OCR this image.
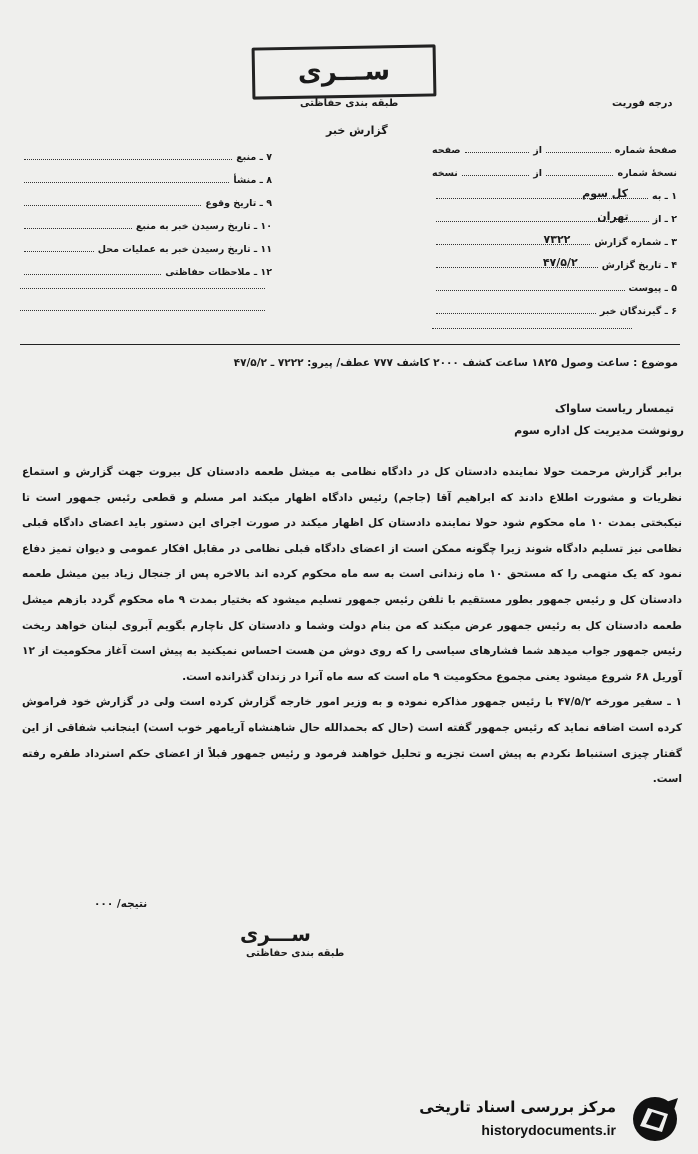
ســـری
طبقه بندی حفاظتی
گزارش خبر
درجه فوریت
صفحهٔ شماره
از
صفحه
نسخهٔ شماره
از
نسخه
۱ ـ به
کل سوم
۲ ـ از
تهران
۳ ـ شماره گزارش
۷۳۲۲
۴ ـ تاریخ گزارش
۴۷/۵/۲
۵ ـ پیوست
۶ ـ گیرندگان خبر
۷ ـ منبع
۸ ـ منشأ
۹ ـ تاریخ وقوع
۱۰ ـ تاریخ رسیدن خبر به منبع
۱۱ ـ تاریخ رسیدن خبر به عملیات محل
۱۲ ـ ملاحظات حفاظتی
موضوع : ساعت وصول ۱۸۲۵ ساعت کشف ۲۰۰۰ کاشف ۷۷۷ عطف/ پیرو: ۷۲۲۲ ـ ۴۷/۵/۲
تیمسار ریاست ساواک
رونوشت مدیریت کل اداره سوم

برابر گزارش مرحمت حولا نماینده دادستان کل در دادگاه نظامی به میشل طعمه دادستان کل بیروت جهت گزارش و استماع نظریات و مشورت اطلاع دادند که ابراهیم آقا (جاجم) رئیس دادگاه اظهار میکند امر مسلم و قطعی رئیس جمهور است تا نیکبختی بمدت ۱۰ ماه محکوم شود حولا نماینده دادستان کل اظهار میکند در صورت اجرای این دستور باید اعضای دادگاه قبلی نظامی نیز تسلیم دادگاه شوند زیرا چگونه ممکن است از اعضای دادگاه قبلی نظامی در مقابل افکار عمومی و دیوان تمیز دفاع نمود که یک متهمی را که مستحق ۱۰ ماه زندانی است به سه ماه محکوم کرده اند بالاخره پس از جنجال زیاد بین میشل طعمه دادستان کل و رئیس جمهور بطور مستقیم با تلفن رئیس جمهور تسلیم میشود که بختیار بمدت ۹ ماه محکوم گردد بازهم میشل طعمه دادستان کل به رئیس جمهور عرض میکند که من بنام دولت وشما و دادستان کل ناچارم بگویم آبروی لبنان خواهد ریخت رئیس جمهور جواب میدهد شما فشارهای سیاسی را که روی دوش من هست احساس نمیکنید به پیش است آغاز محکومیت از ۱۲ آوریل ۶۸ شروع میشود یعنی مجموع محکومیت ۹ ماه است که سه ماه آنرا در زندان گذرانده است.

۱ ـ سفیر مورخه ۴۷/۵/۲ با رئیس جمهور مذاکره نموده و به وزیر امور خارجه گزارش کرده است ولی در گزارش خود فراموش کرده است اضافه نماید که رئیس جمهور گفته است (حال که بحمدالله حال شاهنشاه آریامهر خوب است) اینجانب شفاقی از این گفتار چیزی استنباط نکردم به پیش است تجزیه و تحلیل خواهند فرمود و رئیس جمهور قبلاً از اعضای حکم استرداد طفره رفته است.

نتیجه/ ۰۰۰
ســـری
طبقه بندی حفاظتی
مرکز بررسی اسناد تاریخی
historydocuments.ir
